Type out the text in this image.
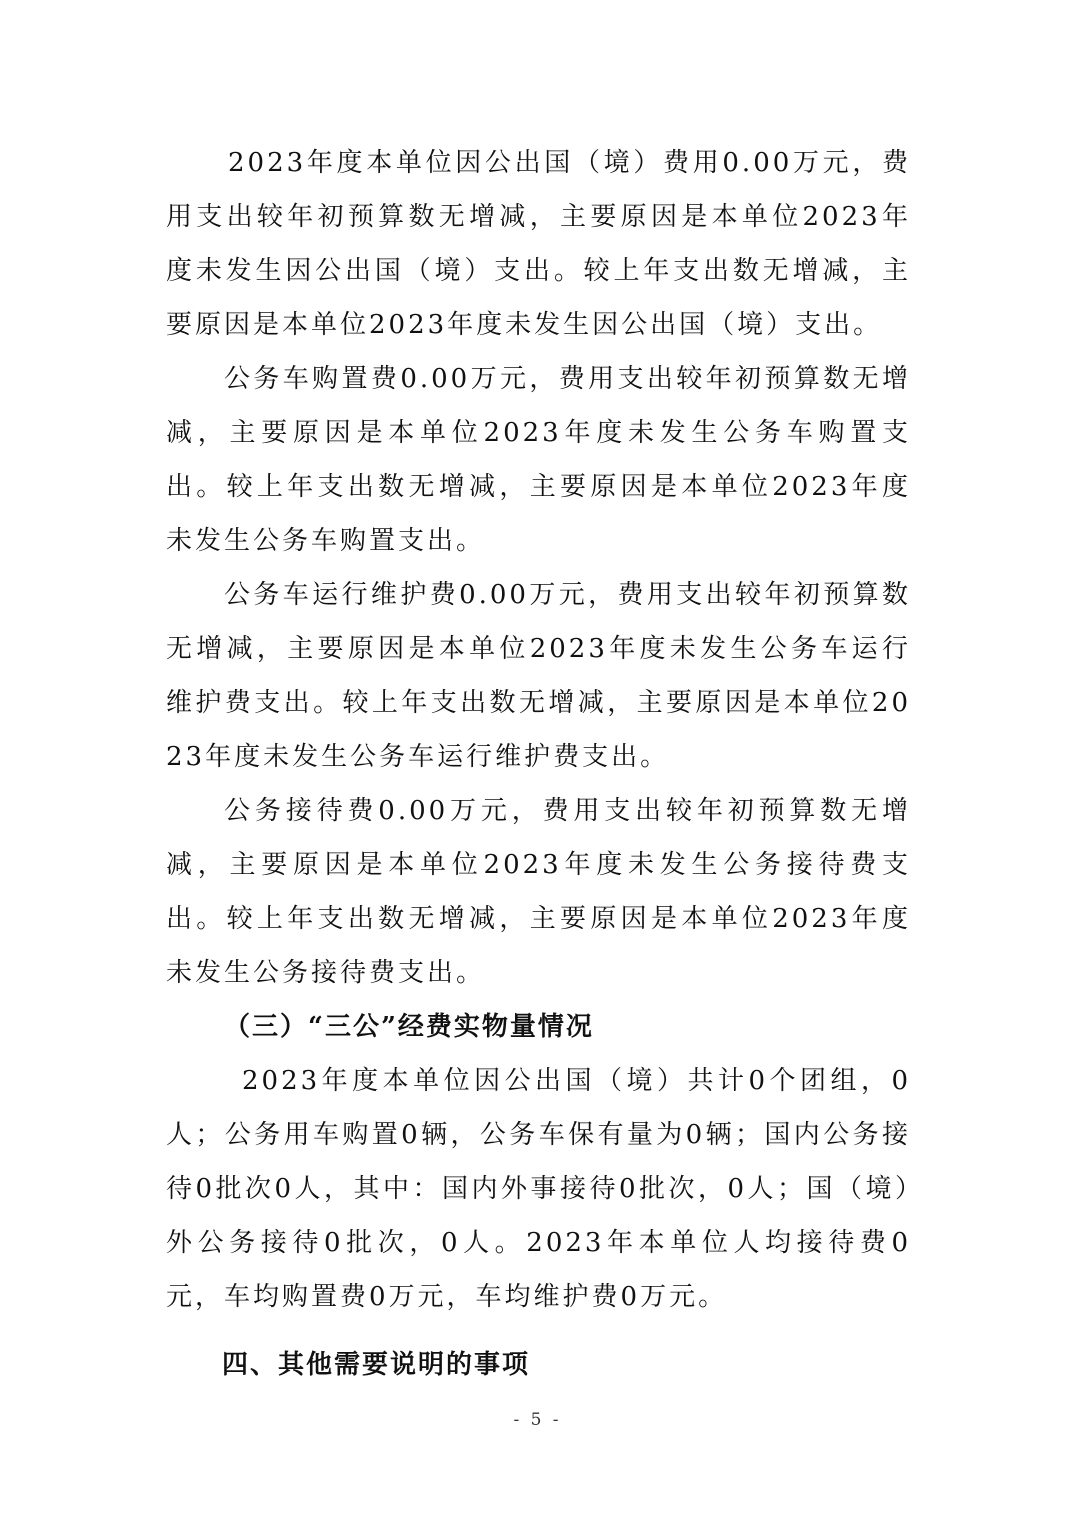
2023年度本单位因公出国（境）费用0.00万元，费用支出较年初预算数无增减，主要原因是本单位2023年度未发生因公出国（境）支出。较上年支出数无增减，主要原因是本单位2023年度未发生因公出国（境）支出。

公务车购置费0.00万元，费用支出较年初预算数无增减，主要原因是本单位2023年度未发生公务车购置支出。较上年支出数无增减，主要原因是本单位2023年度未发生公务车购置支出。

公务车运行维护费0.00万元，费用支出较年初预算数无增减，主要原因是本单位2023年度未发生公务车运行维护费支出。较上年支出数无增减，主要原因是本单位2023年度未发生公务车运行维护费支出。

公务接待费0.00万元，费用支出较年初预算数无增减，主要原因是本单位2023年度未发生公务接待费支出。较上年支出数无增减，主要原因是本单位2023年度未发生公务接待费支出。

（三）“三公”经费实物量情况

2023年度本单位因公出国（境）共计0个团组，0人；公务用车购置0辆，公务车保有量为0辆；国内公务接待0批次0人，其中：国内外事接待0批次，0人；国（境）外公务接待0批次，0人。2023年本单位人均接待费0元，车均购置费0万元，车均维护费0万元。

四、其他需要说明的事项

- 5 -
